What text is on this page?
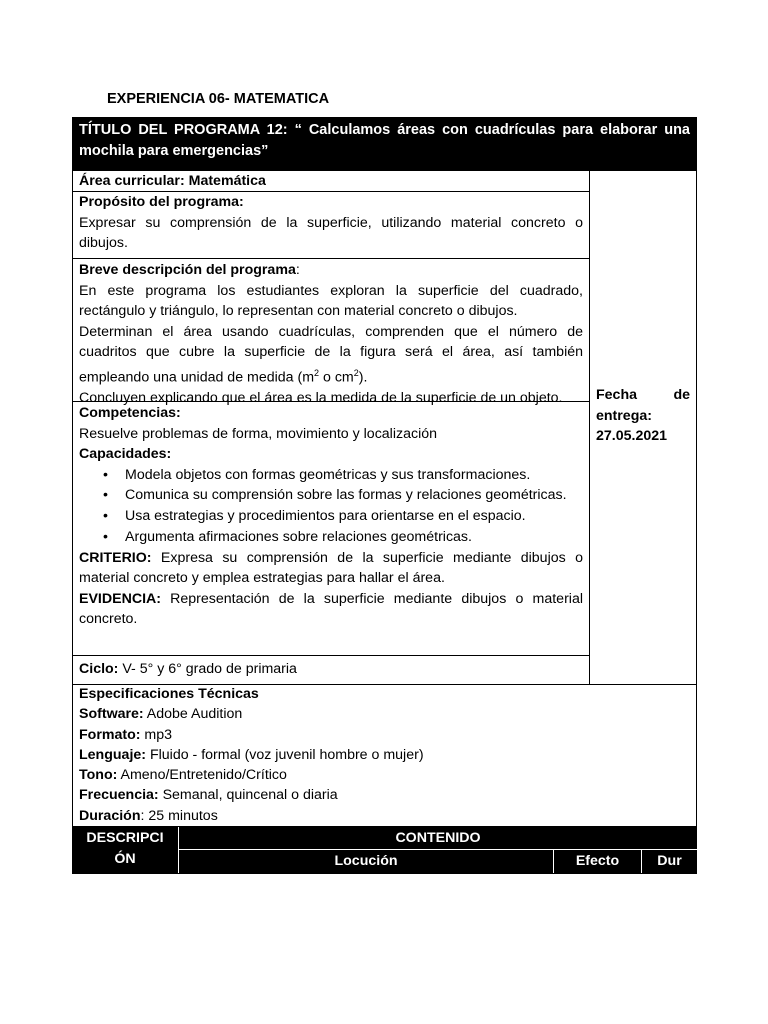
EXPERIENCIA 06- MATEMATICA
TÍTULO DEL PROGRAMA 12: “ Calculamos áreas con cuadrículas para elaborar una mochila para emergencias”

Área curricular: Matemática

Propósito del programa:

Expresar su comprensión de la superficie, utilizando material concreto o dibujos.

Breve descripción del programa:

En este programa los estudiantes exploran la superficie del cuadrado, rectángulo y triángulo, lo representan con material concreto o dibujos.

Determinan el área usando cuadrículas, comprenden que el número de cuadritos que cubre la superficie de la figura será el área, así también empleando una unidad de medida ($m^2$ o $cm^2$).

Concluyen explicando que el área es la medida de la superficie de un objeto.

Competencias:

Resuelve problemas de forma, movimiento y localización

Capacidades:

• Modela objetos con formas geométricas y sus transformaciones.
• Comunica su comprensión sobre las formas y relaciones geométricas.
• Usa estrategias y procedimientos para orientarse en el espacio.
• Argumenta afirmaciones sobre relaciones geométricas.

CRITERIO: Expresa su comprensión de la superficie mediante dibujos o material concreto y emplea estrategias para hallar el área.

EVIDENCIA: Representación de la superficie mediante dibujos o material concreto.

Ciclo: V- 5° y 6° grado de primaria

Fecha	de
entrega:
27.05.2021

Especificaciones Técnicas

Software: Adobe Audition

Formato: mp3

Lenguaje: Fluido - formal (voz juvenil hombre o mujer)

Tono: Ameno/Entretenido/Crítico

Frecuencia: Semanal, quincenal o diaria

Duración: 25 minutos

DESCRIPCI
ÓN
CONTENIDO
Locución	Efecto	Dur
